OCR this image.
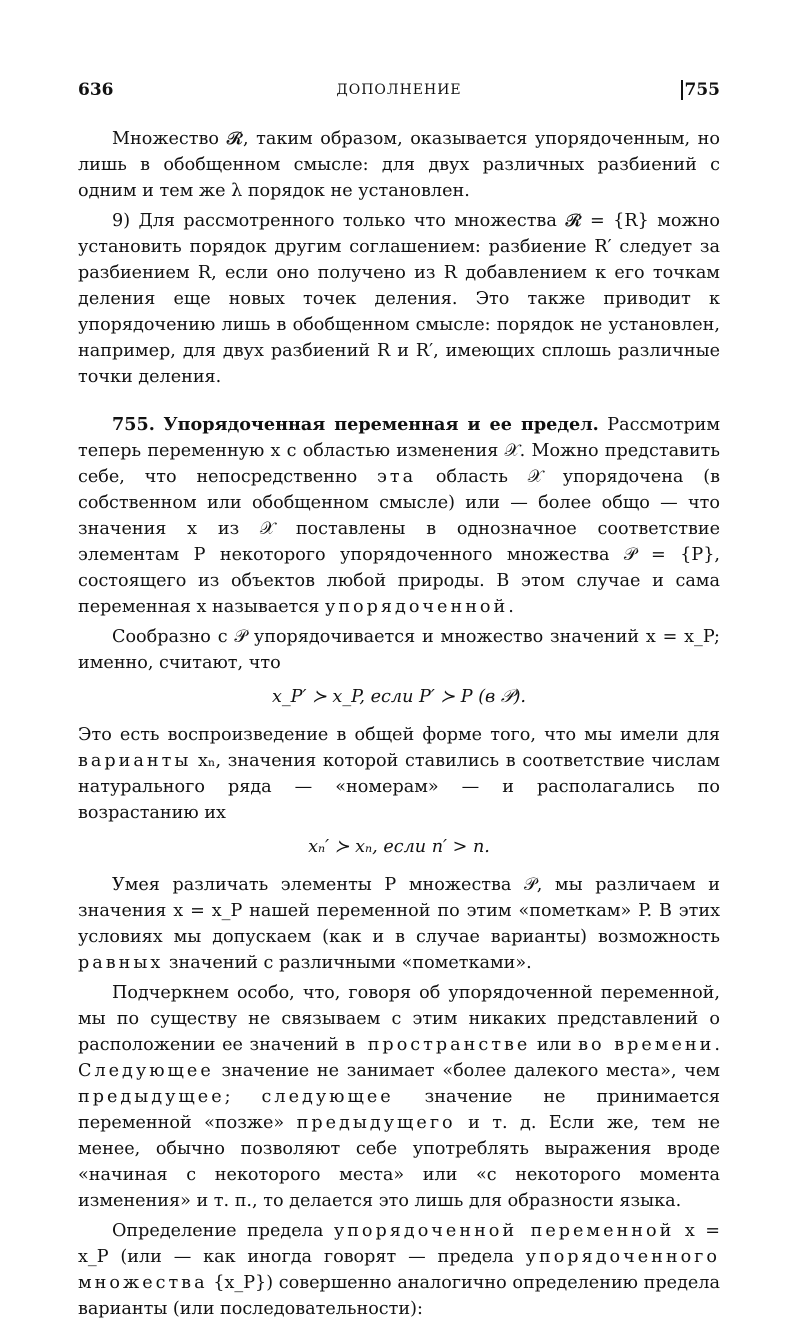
636	ДОПОЛНЕНИЕ	755

Множество 𝓡, таким образом, оказывается упорядоченным, но лишь в обобщенном смысле: для двух различных разбиений с одним и тем же λ порядок не установлен.

9) Для рассмотренного только что множества 𝓡 = {R} можно установить порядок другим соглашением: разбиение R′ следует за разбиением R, если оно получено из R добавлением к его точкам деления еще новых точек деления. Это также приводит к упорядочению лишь в обобщенном смысле: порядок не установлен, например, для двух разбиений R и R′, имеющих сплошь различные точки деления.

755. Упорядоченная переменная и ее предел. Рассмотрим теперь переменную x с областью изменения 𝒳. Можно представить себе, что непосредственно эта область 𝒳 упорядочена (в собственном или обобщенном смысле) или — более общо — что значения x из 𝒳 поставлены в однозначное соответствие элементам P некоторого упорядоченного множества 𝒫 = {P}, состоящего из объектов любой природы. В этом случае и сама переменная x называется упорядоченной.

Сообразно с 𝒫 упорядочивается и множество значений x = x_P; именно, считают, что

x_P′ ≻ x_P, если P′ ≻ P (в 𝒫).

Это есть воспроизведение в общей форме того, что мы имели для варианты xₙ, значения которой ставились в соответствие числам натурального ряда — «номерам» — и располагались по возрастанию их

xₙ′ ≻ xₙ, если n′ > n.

Умея различать элементы P множества 𝒫, мы различаем и значения x = x_P нашей переменной по этим «пометкам» P. В этих условиях мы допускаем (как и в случае варианты) возможность равных значений с различными «пометками».

Подчеркнем особо, что, говоря об упорядоченной переменной, мы по существу не связываем с этим никаких представлений о расположении ее значений в пространстве или во времени. Следующее значение не занимает «более далекого места», чем предыдущее; следующее значение не принимается переменной «позже» предыдущего и т. д. Если же, тем не менее, обычно позволяют себе употреблять выражения вроде «начиная с некоторого места» или «с некоторого момента изменения» и т. п., то делается это лишь для образности языка.

Определение предела упорядоченной переменной x = x_P (или — как иногда говорят — предела упорядоченного множества {x_P}) совершенно аналогично определению предела варианты (или последовательности):
